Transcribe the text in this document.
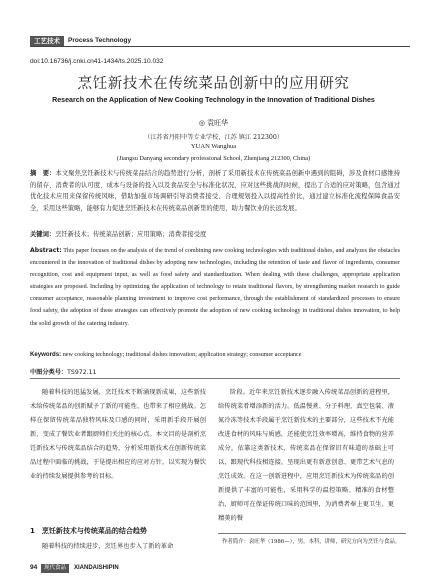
工艺技术	Process Technology
doi:10.16736/j.cnki.cn41-1434/ts.2025.10.032
烹饪新技术在传统菜品创新中的应用研究
Research on the Application of New Cooking Technology in the Innovation of Traditional Dishes
◎ 袁旺华
（江苏省丹阳中等专业学校，江苏 镇江 212300）
YUAN Wanghua
(Jiangsu Danyang secondary professional School, Zhenjiang 212300, China)
摘　要：本文聚焦烹饪新技术与传统菜品结合的趋势进行分析，剖析了采用新技术在传统菜品创新中遇到的阻碍，涉及食材口感维持的留存、消费者的认可度、成本与设备的投入以及食品安全与标准化状况，应对这些挑战的时候，提出了合适的应对策略，包含通过优化技术应用来保留传统风味，借助加强市场调研引导消费者接受、合理规划投入以提高性价比，通过建立标准化流程保障食品安全，采用这些策略，能够有力促进烹饪新技术在传统菜品创新里的使用，助力餐饮业的长远发展。
关键词：烹饪新技术；传统菜品创新；应用策略；消费者接受度
Abstract: This paper focuses on the analysis of the trend of combining new cooking technologies with traditional dishes, and analyzes the obstacles encountered in the innovation of traditional dishes by adopting new technologies, including the retention of taste and flavor of ingredients, consumer recognition, cost and equipment input, as well as food safety and standardization. When dealing with these challenges, appropriate application strategies are proposed. Including by optimizing the application of technology to retain traditional flavors, by strengthening market research to guide consumer acceptance, reasonable planning investment to improve cost performance, through the establishment of standardized processes to ensure food safety, the adoption of these strategies can effectively promote the adoption of new cooking technology in traditional dishes innovation, to help the solid growth of the catering industry.
Keywords: new cooking technology; traditional dishes innovation; application strategy; consumer acceptance
中图分类号：TS972.11
随着科技的迅猛发展，烹饪技术不断涌现新成果，这些新技术给传统菜品的创新赋予了新的可能性、也带来了相应挑战。怎样在保留传统菜品独特风味及口感的同时，采用新手段开展创新，变成了餐饮业者跟厨师们关注的核心点。本文目的是剖析烹饪新技术与传统菜品结合的趋势，分析采用新技术在创新传统菜品过程中面临的挑战，于是提出相应的应对方针，以实现为餐饮业的持续发展提供参考的目标。
1　烹饪新技术与传统菜品的结合趋势
随着科技的持续进步，烹饪界也步入了新的革命
阶段。近年来烹饪新技术逐步融入传统菜品创新的进程里，给传统菜肴增添新的活力。低温慢煮、分子料理、真空包装、液氮冷冻等技术手段属于烹饪新技术的主要部分，这些技术不光能改进食材的风味与质感，还能使烹饪效率增高，维持食物的营养成分，依靠这类新技术，传统菜品在保留旧有味道的基础上可以，跟现代科技相连接，呈现出更有新意创意、更带艺术气息的烹饪成效。在这一创新进程中，应用烹饪新技术为传统菜品的创新提供了丰富的可能性，采用科学的温控策略、精准的食材整治，厨师可在保证传统口味的范围里，为消费者奉上更卫生、更精美的餐
作者简介：袁旺华（1986—），男，本科，讲师，研究方向为烹饪与食品。
94	现代食品	XIANDAISHIPIN
